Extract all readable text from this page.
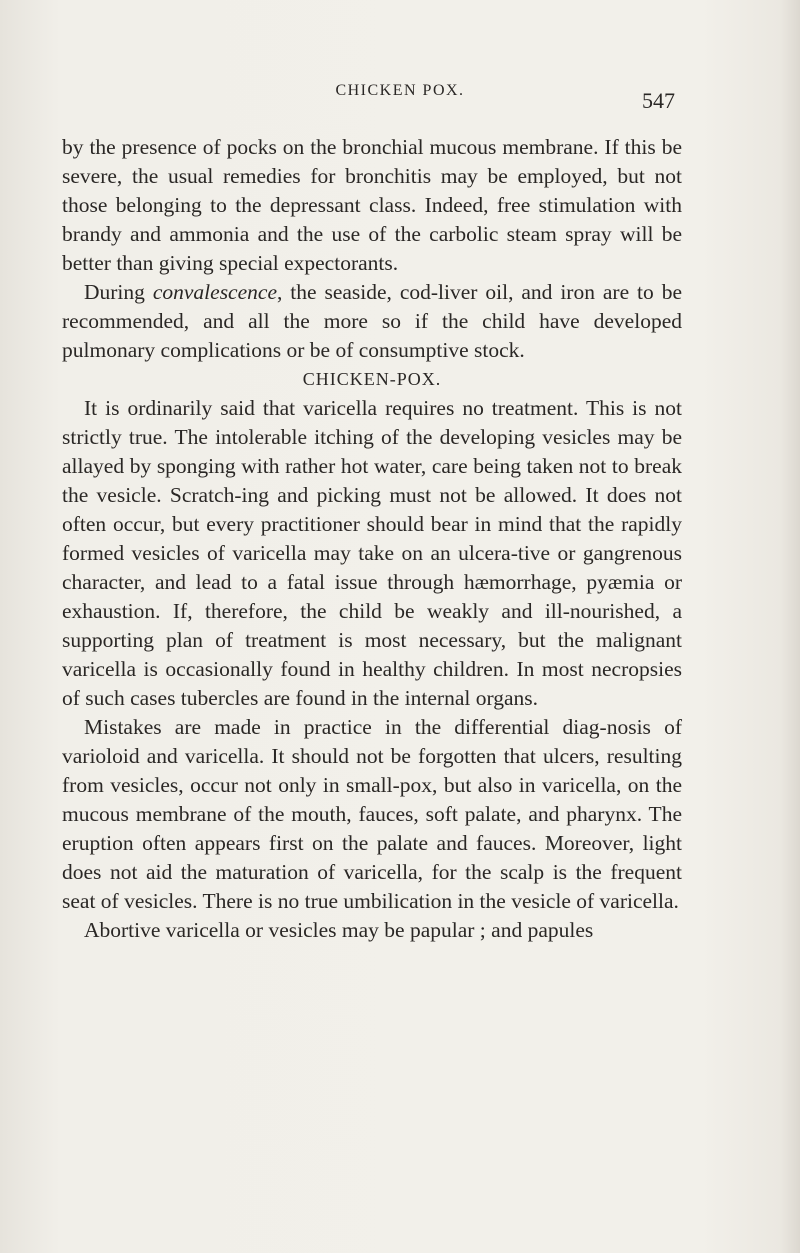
CHICKEN POX.	547

by the presence of pocks on the bronchial mucous membrane. If this be severe, the usual remedies for bronchitis may be employed, but not those belonging to the depressant class. Indeed, free stimulation with brandy and ammonia and the use of the carbolic steam spray will be better than giving special expectorants.

During convalescence, the seaside, cod-liver oil, and iron are to be recommended, and all the more so if the child have developed pulmonary complications or be of consumptive stock.

CHICKEN-POX.

It is ordinarily said that varicella requires no treatment. This is not strictly true. The intolerable itching of the developing vesicles may be allayed by sponging with rather hot water, care being taken not to break the vesicle. Scratch-ing and picking must not be allowed. It does not often occur, but every practitioner should bear in mind that the rapidly formed vesicles of varicella may take on an ulcera-tive or gangrenous character, and lead to a fatal issue through hæmorrhage, pyæmia or exhaustion. If, therefore, the child be weakly and ill-nourished, a supporting plan of treatment is most necessary, but the malignant varicella is occasionally found in healthy children. In most necropsies of such cases tubercles are found in the internal organs.

Mistakes are made in practice in the differential diag-nosis of varioloid and varicella. It should not be forgotten that ulcers, resulting from vesicles, occur not only in small-pox, but also in varicella, on the mucous membrane of the mouth, fauces, soft palate, and pharynx. The eruption often appears first on the palate and fauces. Moreover, light does not aid the maturation of varicella, for the scalp is the frequent seat of vesicles. There is no true umbilication in the vesicle of varicella.

Abortive varicella or vesicles may be papular ; and papules
